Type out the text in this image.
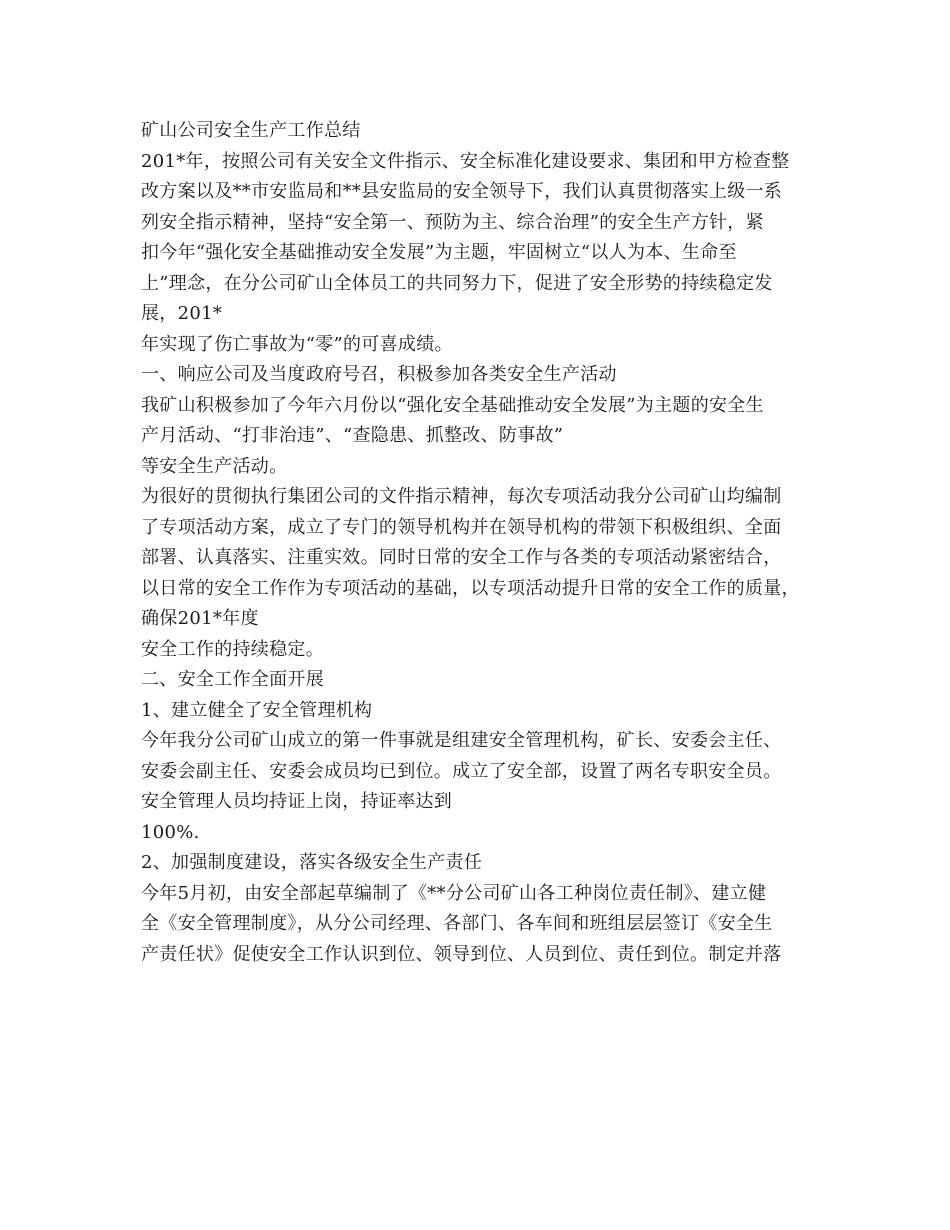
矿山公司安全生产工作总结
201*年，按照公司有关安全文件指示、安全标准化建设要求、集团和甲方检查整
改方案以及**市安监局和**县安监局的安全领导下，我们认真贯彻落实上级一系
列安全指示精神，坚持“安全第一、预防为主、综合治理”的安全生产方针，紧
扣今年“强化安全基础推动安全发展”为主题，牢固树立“以人为本、生命至
上”理念，在分公司矿山全体员工的共同努力下，促进了安全形势的持续稳定发
展，201*
年实现了伤亡事故为“零”的可喜成绩。
一、响应公司及当度政府号召，积极参加各类安全生产活动
我矿山积极参加了今年六月份以“强化安全基础推动安全发展”为主题的安全生
产月活动、“打非治违”、“查隐患、抓整改、防事故”
等安全生产活动。
为很好的贯彻执行集团公司的文件指示精神，每次专项活动我分公司矿山均编制
了专项活动方案，成立了专门的领导机构并在领导机构的带领下积极组织、全面
部署、认真落实、注重实效。同时日常的安全工作与各类的专项活动紧密结合，
以日常的安全工作作为专项活动的基础，以专项活动提升日常的安全工作的质量，
确保201*年度
安全工作的持续稳定。
二、安全工作全面开展
1、建立健全了安全管理机构
今年我分公司矿山成立的第一件事就是组建安全管理机构，矿长、安委会主任、
安委会副主任、安委会成员均已到位。成立了安全部，设置了两名专职安全员。
安全管理人员均持证上岗，持证率达到
100%.
2、加强制度建设，落实各级安全生产责任
今年5月初，由安全部起草编制了《**分公司矿山各工种岗位责任制》、建立健
全《安全管理制度》，从分公司经理、各部门、各车间和班组层层签订《安全生
产责任状》促使安全工作认识到位、领导到位、人员到位、责任到位。制定并落
